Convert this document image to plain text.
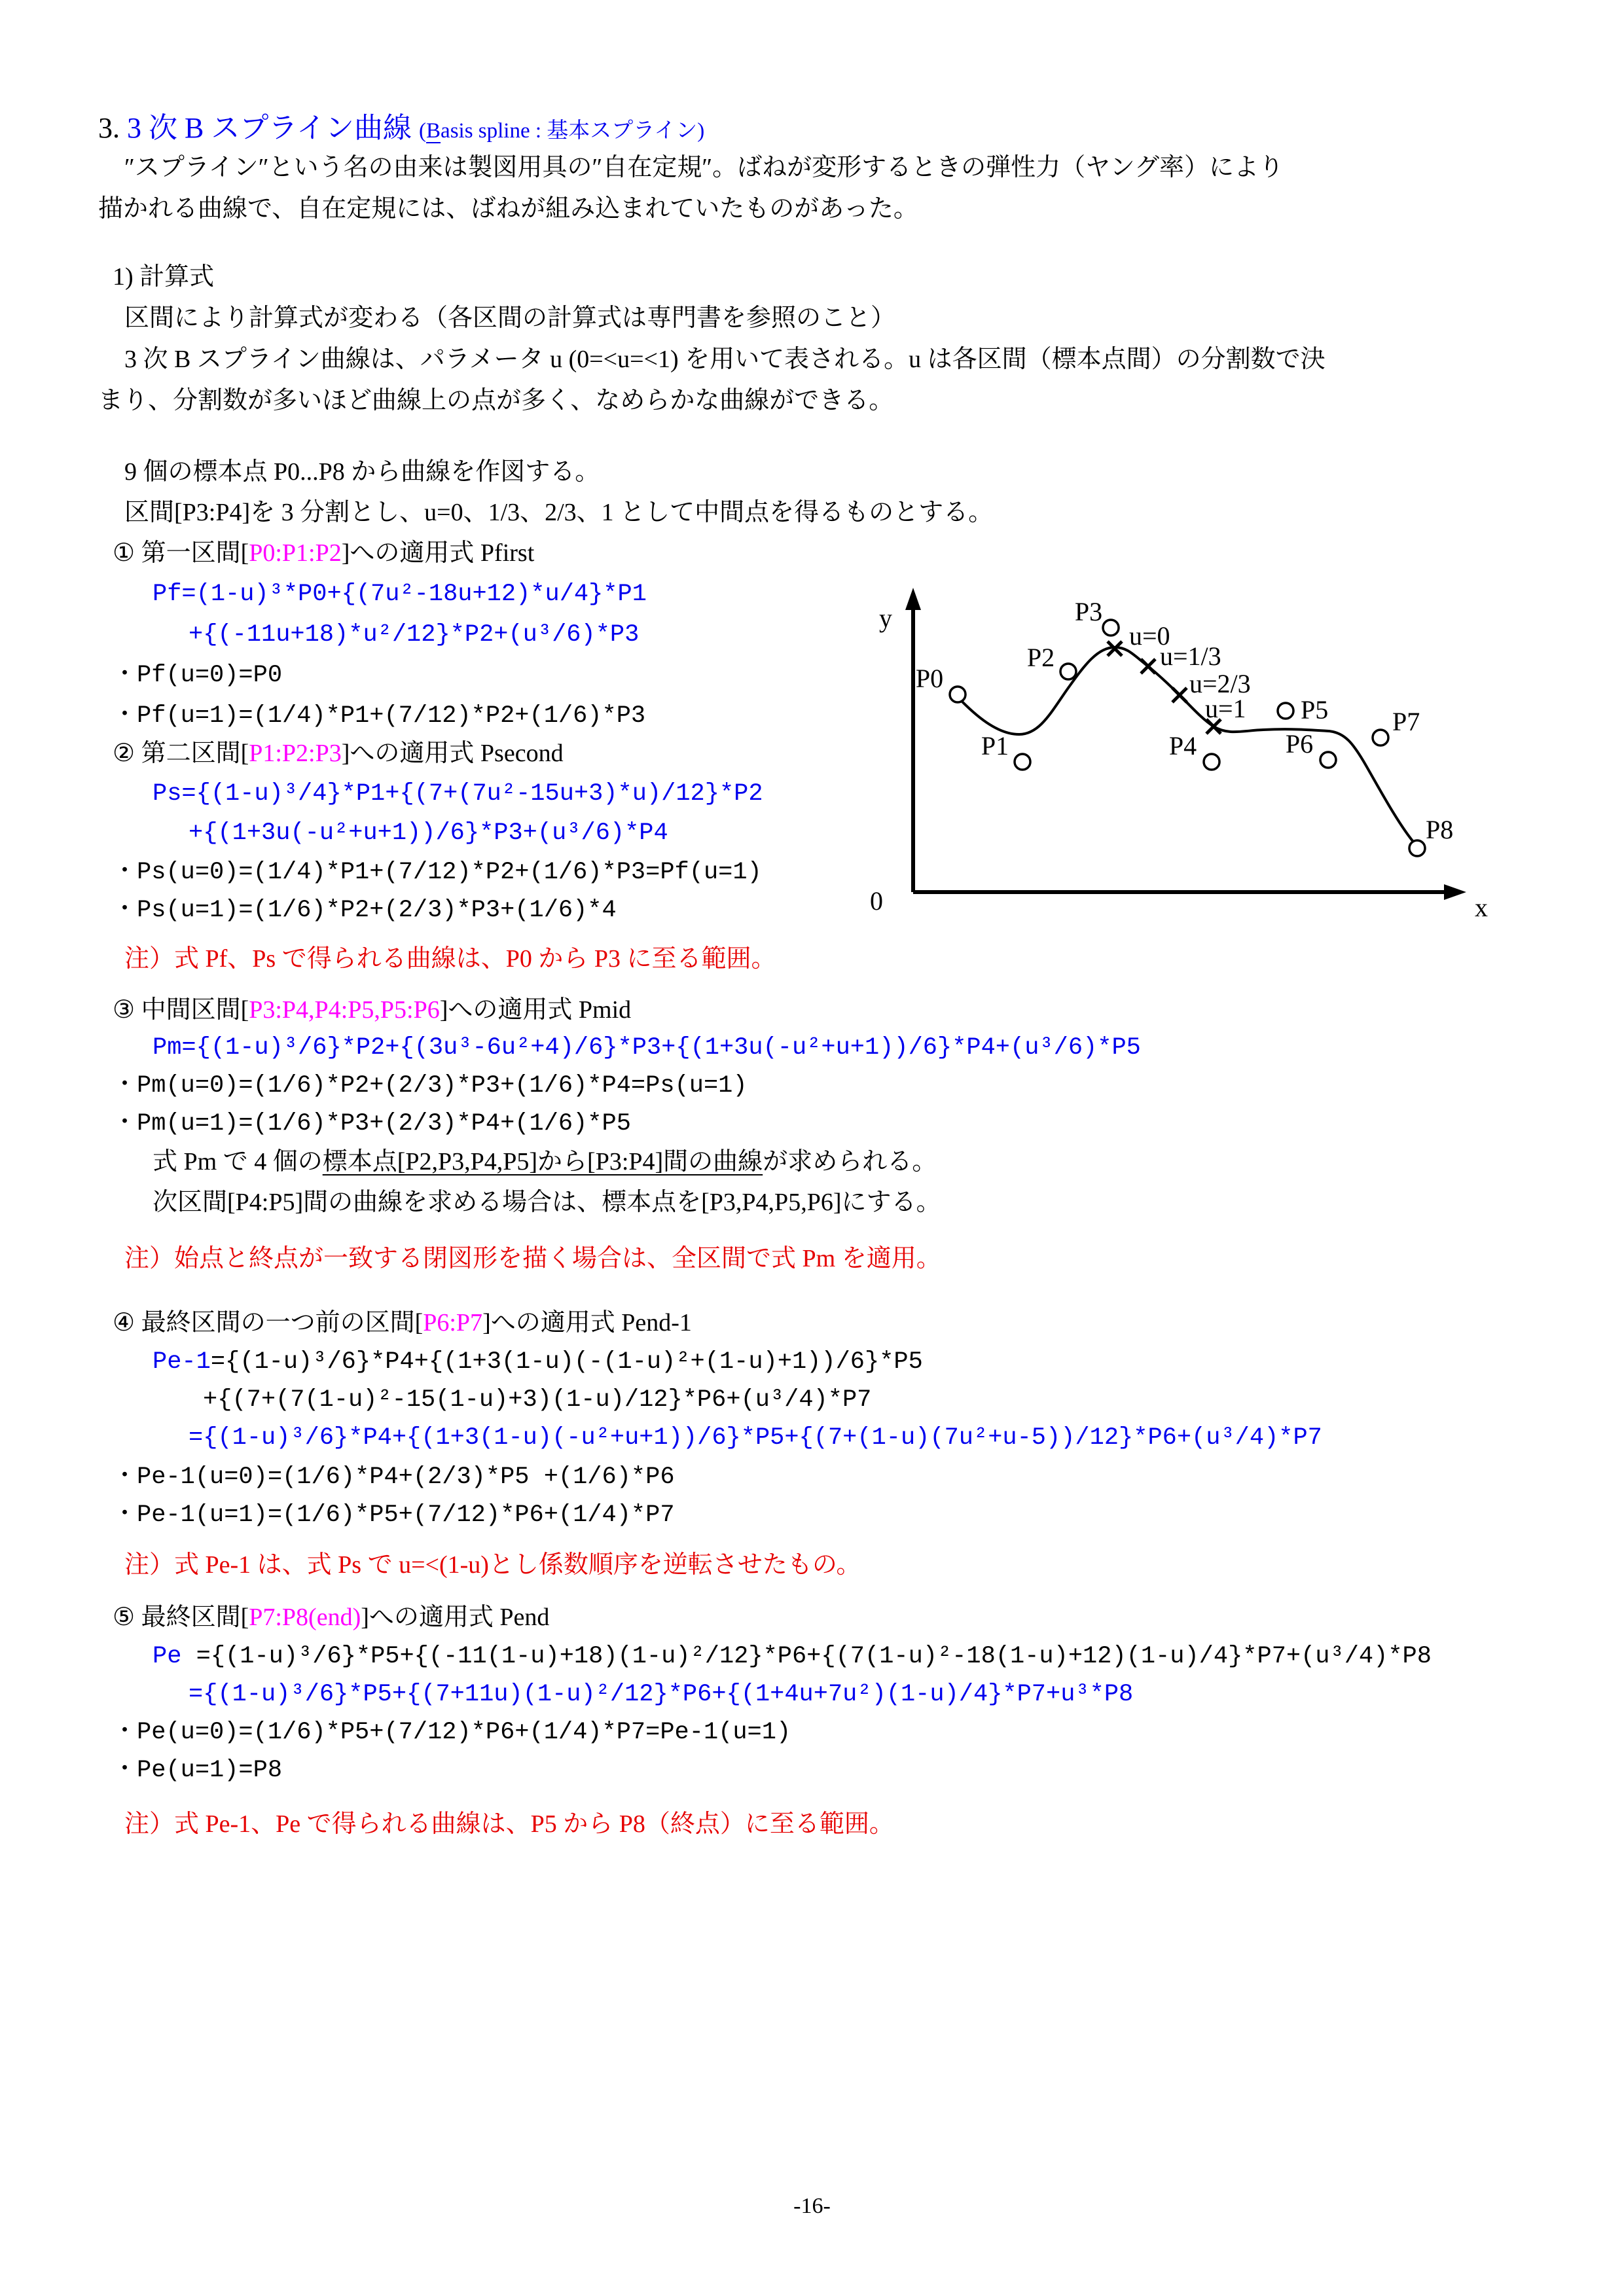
3. 3 次 B スプライン曲線 (Basis spline : 基本スプライン)
″スプライン″という名の由来は製図用具の″自在定規″。ばねが変形するときの弾性力（ヤング率）により
描かれる曲線で、自在定規には、ばねが組み込まれていたものがあった。
1) 計算式
区間により計算式が変わる（各区間の計算式は専門書を参照のこと）
3 次 B スプライン曲線は、パラメータ u (0=<u=<1) を用いて表される。u は各区間（標本点間）の分割数で決
まり、分割数が多いほど曲線上の点が多く、なめらかな曲線ができる。
9 個の標本点 P0...P8 から曲線を作図する。
区間[P3:P4]を 3 分割とし、u=0、1/3、2/3、1 として中間点を得るものとする。
① 第一区間[P0:P1:P2]への適用式 Pfirst
Pf=(1-u)³*P0+{(7u²-18u+12)*u/4}*P1
+{(-11u+18)*u²/12}*P2+(u³/6)*P3
・Pf(u=0)=P0
・Pf(u=1)=(1/4)*P1+(7/12)*P2+(1/6)*P3
② 第二区間[P1:P2:P3]への適用式 Psecond
Ps={(1-u)³/4}*P1+{(7+(7u²-15u+3)*u)/12}*P2
+{(1+3u(-u²+u+1))/6}*P3+(u³/6)*P4
・Ps(u=0)=(1/4)*P1+(7/12)*P2+(1/6)*P3=Pf(u=1)
・Ps(u=1)=(1/6)*P2+(2/3)*P3+(1/6)*4
注）式 Pf、Ps で得られる曲線は、P0 から P3 に至る範囲。
③ 中間区間[P3:P4,P4:P5,P5:P6]への適用式 Pmid
Pm={(1-u)³/6}*P2+{(3u³-6u²+4)/6}*P3+{(1+3u(-u²+u+1))/6}*P4+(u³/6)*P5
・Pm(u=0)=(1/6)*P2+(2/3)*P3+(1/6)*P4=Ps(u=1)
・Pm(u=1)=(1/6)*P3+(2/3)*P4+(1/6)*P5
式 Pm で 4 個の標本点[P2,P3,P4,P5]から[P3:P4]間の曲線が求められる。
次区間[P4:P5]間の曲線を求める場合は、標本点を[P3,P4,P5,P6]にする。
注）始点と終点が一致する閉図形を描く場合は、全区間で式 Pm を適用。
④ 最終区間の一つ前の区間[P6:P7]への適用式 Pend-1
Pe-1={(1-u)³/6}*P4+{(1+3(1-u)(-(1-u)²+(1-u)+1))/6}*P5
+{(7+(7(1-u)²-15(1-u)+3)(1-u)/12}*P6+(u³/4)*P7
={(1-u)³/6}*P4+{(1+3(1-u)(-u²+u+1))/6}*P5+{(7+(1-u)(7u²+u-5))/12}*P6+(u³/4)*P7
・Pe-1(u=0)=(1/6)*P4+(2/3)*P5 +(1/6)*P6
・Pe-1(u=1)=(1/6)*P5+(7/12)*P6+(1/4)*P7
注）式 Pe-1 は、式 Ps で u=<(1-u)とし係数順序を逆転させたもの。
⑤ 最終区間[P7:P8(end)]への適用式 Pend
Pe ={(1-u)³/6}*P5+{(-11(1-u)+18)(1-u)²/12}*P6+{(7(1-u)²-18(1-u)+12)(1-u)/4}*P7+(u³/4)*P8
={(1-u)³/6}*P5+{(7+11u)(1-u)²/12}*P6+{(1+4u+7u²)(1-u)/4}*P7+u³*P8
・Pe(u=0)=(1/6)*P5+(7/12)*P6+(1/4)*P7=Pe-1(u=1)
・Pe(u=1)=P8
注）式 Pe-1、Pe で得られる曲線は、P5 から P8（終点）に至る範囲。
y
x
0
P0
P1
P2
P3
P4
P5
P6
P7
P8
u=0
u=1/3
u=2/3
u=1
-16-
